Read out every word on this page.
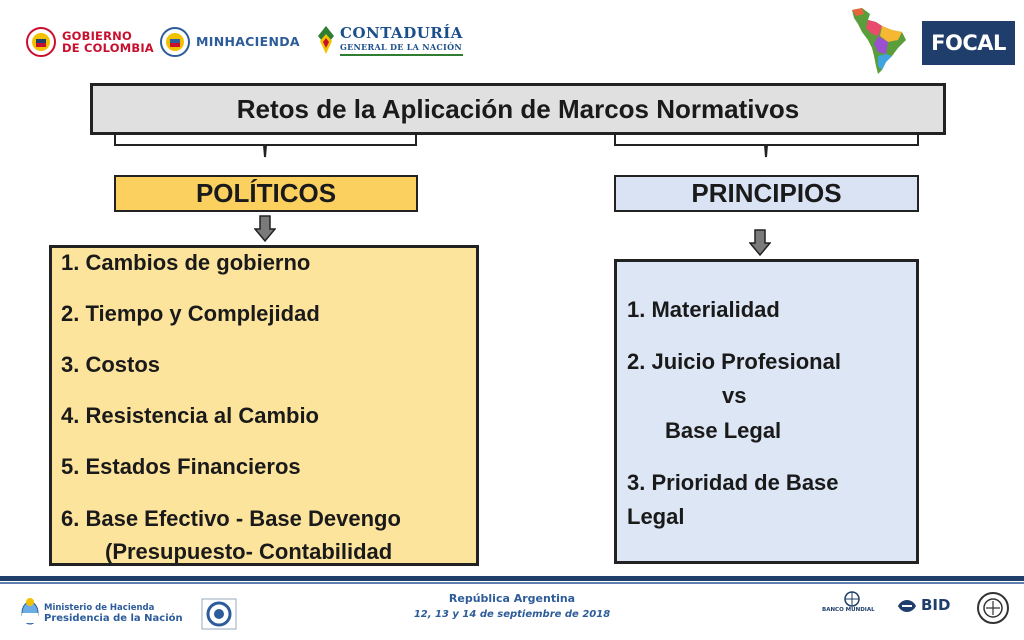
GOBIERNO
DE COLOMBIA	MINHACIENDA	CONTADURÍA
GENERAL DE LA NACIÓN	FOCAL
Retos de la Aplicación de Marcos Normativos
POLÍTICOS	PRINCIPIOS
1. Cambios de gobierno
2. Tiempo y Complejidad
3. Costos
4. Resistencia al Cambio
5. Estados Financieros
6. Base Efectivo - Base Devengo
(Presupuesto- Contabilidad
1. Materialidad
2. Juicio Profesional
vs
Base Legal
3. Prioridad de Base
Legal
Ministerio de Hacienda
Presidencia de la Nación
República Argentina
12, 13 y 14 de septiembre de 2018	BANCO MUNDIAL	BID
